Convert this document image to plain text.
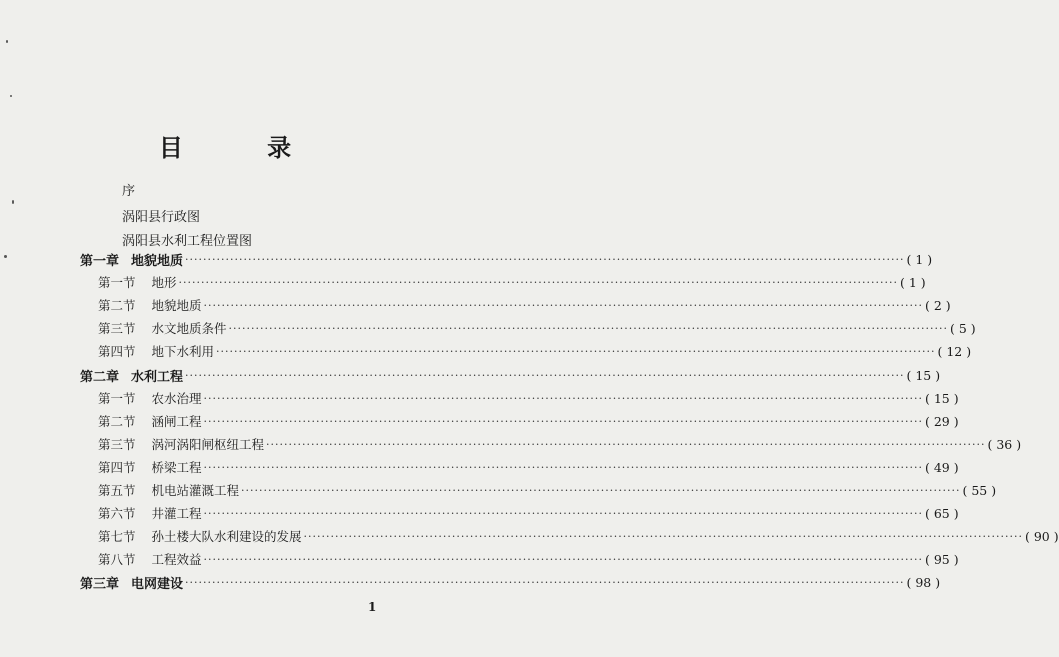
目 录
序
涡阳县行政图
涡阳县水利工程位置图
第一章 地貌地质 ································································································································································ ( 1 )
第一节 地形 ································································································································································ ( 1 )
第二节 地貌地质 ································································································································································ ( 2 )
第三节 水文地质条件 ································································································································································ ( 5 )
第四节 地下水利用 ································································································································································ ( 12 )
第二章 水利工程 ································································································································································ ( 15 )
第一节 农水治理 ································································································································································ ( 15 )
第二节 涵闸工程 ································································································································································ ( 29 )
第三节 涡河涡阳闸枢纽工程 ································································································································································ ( 36 )
第四节 桥梁工程 ································································································································································ ( 49 )
第五节 机电站灌溉工程 ································································································································································ ( 55 )
第六节 井灌工程 ································································································································································ ( 65 )
第七节 孙土楼大队水利建设的发展 ································································································································································ ( 90 )
第八节 工程效益 ································································································································································ ( 95 )
第三章 电网建设 ································································································································································ ( 98 )
1
